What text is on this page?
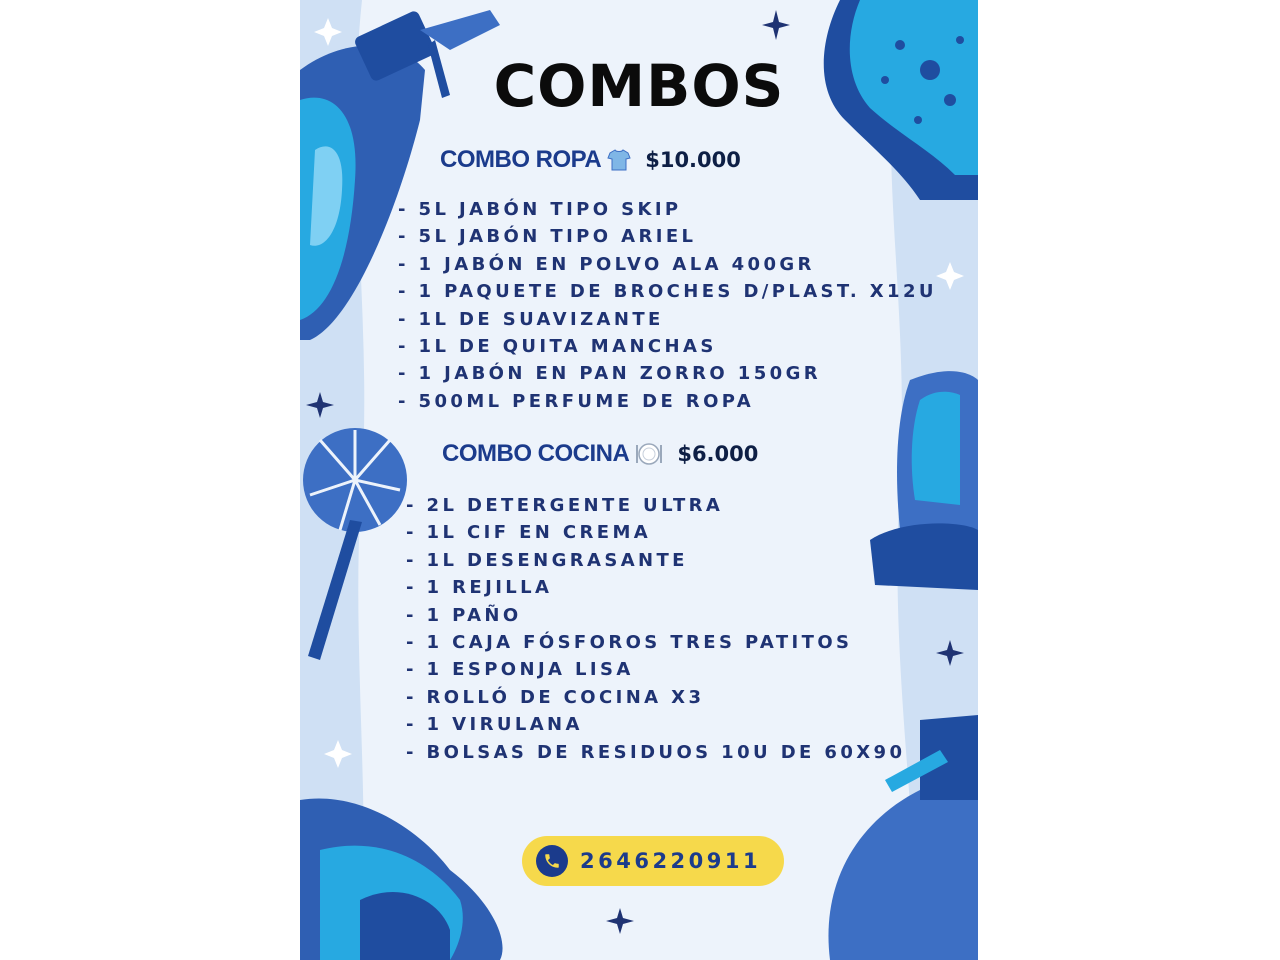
COMBOS
COMBO ROPA $10.000
- 5L JABÓN TIPO SKIP
- 5L JABÓN TIPO ARIEL
- 1 JABÓN EN POLVO ALA 400GR
- 1 PAQUETE DE BROCHES D/PLAST. X12U
- 1L DE SUAVIZANTE
- 1L DE QUITA MANCHAS
- 1 JABÓN EN PAN ZORRO 150GR
- 500ML PERFUME DE ROPA
COMBO COCINA $6.000
- 2L DETERGENTE ULTRA
- 1L CIF EN CREMA
- 1L DESENGRASANTE
- 1 REJILLA
- 1 PAÑO
- 1 CAJA FÓSFOROS TRES PATITOS
- 1 ESPONJA LISA
- ROLLÓ DE COCINA X3
- 1 VIRULANA
- BOLSAS DE RESIDUOS 10U DE 60X90
2646220911
